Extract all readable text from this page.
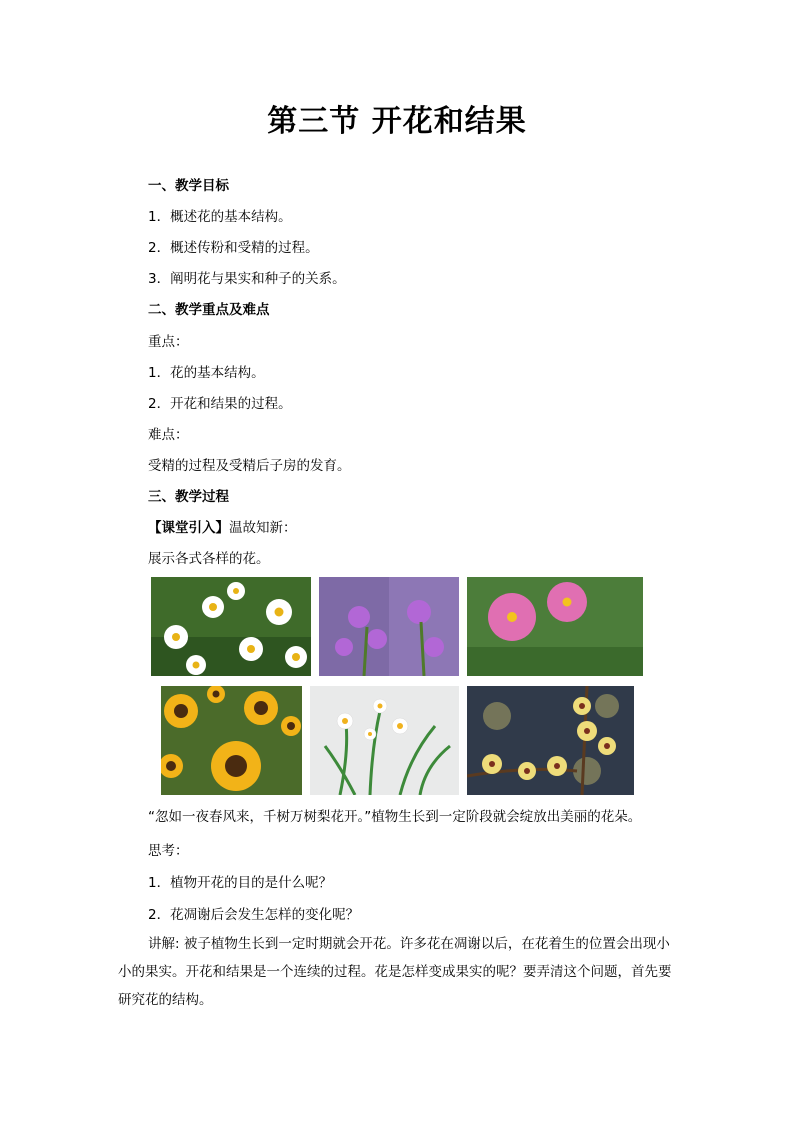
第三节 开花和结果
一、教学目标
1．概述花的基本结构。
2．概述传粉和受精的过程。
3．阐明花与果实和种子的关系。
二、教学重点及难点
重点：
1．花的基本结构。
2．开花和结果的过程。
难点：
受精的过程及受精后子房的发育。
三、教学过程
【课堂引入】温故知新：
展示各式各样的花。
“忽如一夜春风来，千树万树梨花开。”植物生长到一定阶段就会绽放出美丽的花朵。
思考：
1．植物开花的目的是什么呢？
2．花凋谢后会发生怎样的变化呢？
讲解: 被子植物生长到一定时期就会开花。许多花在凋谢以后，在花着生的位置会出现小小的果实。开花和结果是一个连续的过程。花是怎样变成果实的呢？要弄清这个问题，首先要研究花的结构。
